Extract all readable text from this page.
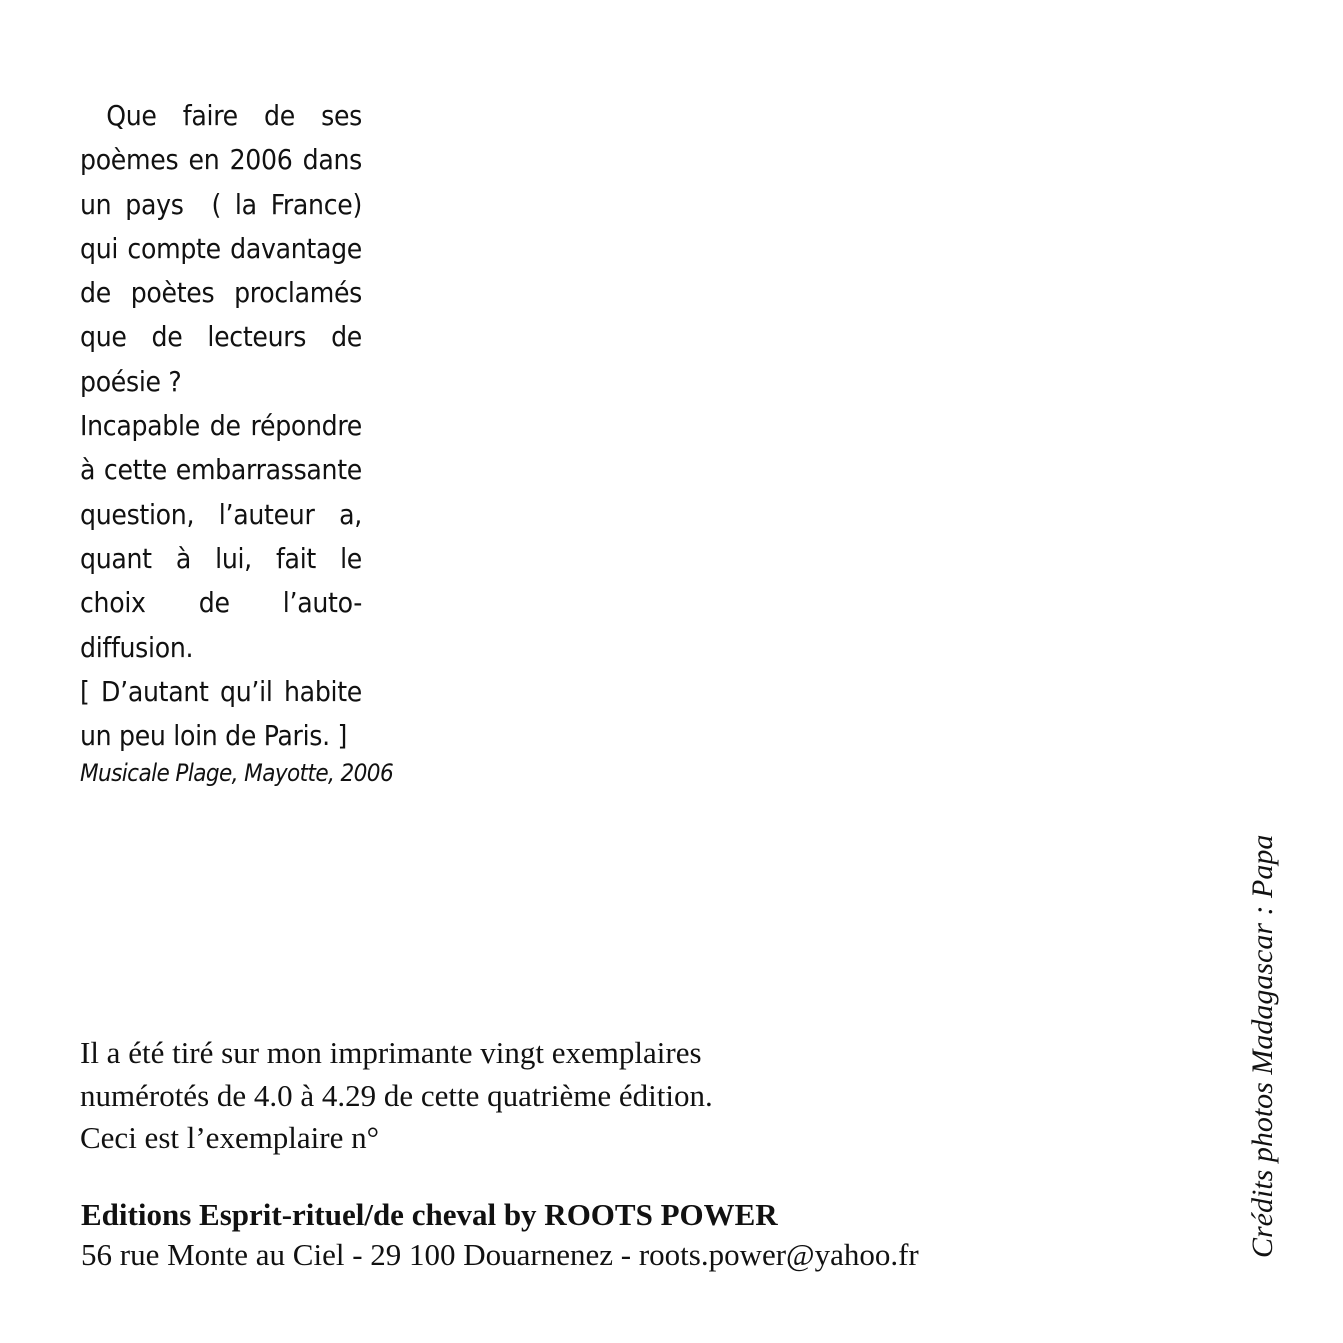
Que faire de ses poèmes en 2006 dans un pays  ( la France) qui compte davantage de poètes proclamés que de lecteurs de poésie ?

Incapable de répondre à cette embarrassante question, l’auteur a, quant à lui, fait le choix de l’auto-diffusion.

[ D’autant qu’il habite un peu loin de Paris. ]

Musicale Plage, Mayotte, 2006
Il a été tiré sur mon imprimante vingt exemplaires
numérotés de 4.0 à 4.29 de cette quatrième édition.
Ceci est l’exemplaire n°
Editions Esprit-rituel/de cheval by ROOTS POWER
56 rue Monte au Ciel - 29 100 Douarnenez - roots.power@yahoo.fr	Crédits photos Madagascar : Papa
